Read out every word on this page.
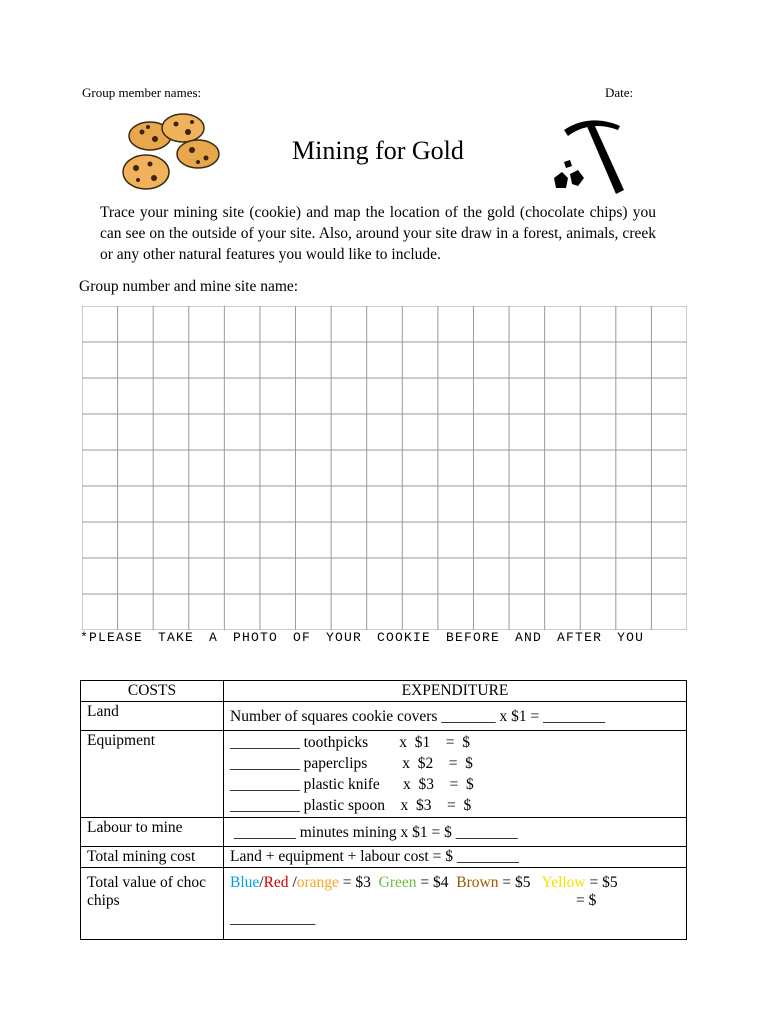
Group member names:	Date:
Mining for Gold
Trace your mining site (cookie) and map the location of the gold (chocolate chips) you can see on the outside of your site. Also, around your site draw in a forest, animals, creek or any other natural features you would like to include.
Group number and mine site name:
*PLEASE TAKE A PHOTO OF YOUR COOKIE BEFORE AND AFTER YOU
COSTS	EXPENDITURE
Land	Number of squares cookie covers _______ x $1 = ________
Equipment	_________ toothpicks        x  $1    =  $
_________ paperclips         x  $2    =  $
_________ plastic knife      x  $3    =  $
_________ plastic spoon    x  $3    =  $

Labour to mine	________ minutes mining x $1 = $ ________
Total mining cost	Land + equipment + labour cost = $ ________
Total value of choc chips	Blue/Red /orange = $3  Green = $4  Brown = $5   Yellow = $5
= $
___________
